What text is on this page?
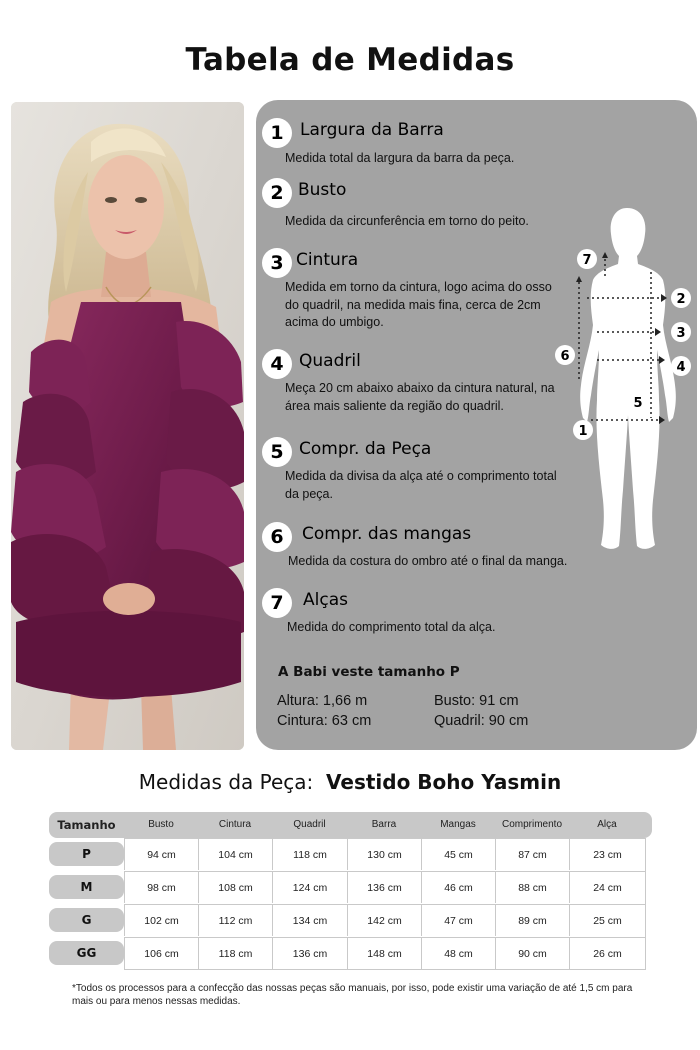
Tabela de Medidas
1 Largura da Barra
Medida total da largura da barra da peça.
2 Busto
Medida da circunferência em torno do peito.
3 Cintura
Medida em torno da cintura, logo acima do osso do quadril, na medida mais fina, cerca de 2cm acima do umbigo.
4 Quadril
Meça 20 cm abaixo abaixo da cintura natural, na área mais saliente da região do quadril.
5 Compr. da Peça
Medida da divisa da alça até o comprimento total da peça.
6	Compr. das mangas
Medida da costura do ombro até o final da manga.
7	Alças
Medida do comprimento total da alça.
A Babi veste tamanho P
Altura: 1,66 m
Cintura: 63 cm
Busto: 91 cm
Quadril: 90 cm
7
2
3
4
6
1
5
Medidas da Peça: Vestido Boho Yasmin
Tamanho	Busto	Cintura	Quadril	Barra	Mangas	Comprimento	Alça
P	94 cm	104 cm	118 cm	130 cm	45 cm	87 cm	23 cm
M	98 cm	108 cm	124 cm	136 cm	46 cm	88 cm	24 cm
G	102 cm	112 cm	134 cm	142 cm	47 cm	89 cm	25 cm
GG	106 cm	118 cm	136 cm	148 cm	48 cm	90 cm	26 cm
*Todos os processos para a confecção das nossas peças são manuais, por isso, pode existir uma variação de até 1,5 cm para mais ou para menos nessas medidas.
